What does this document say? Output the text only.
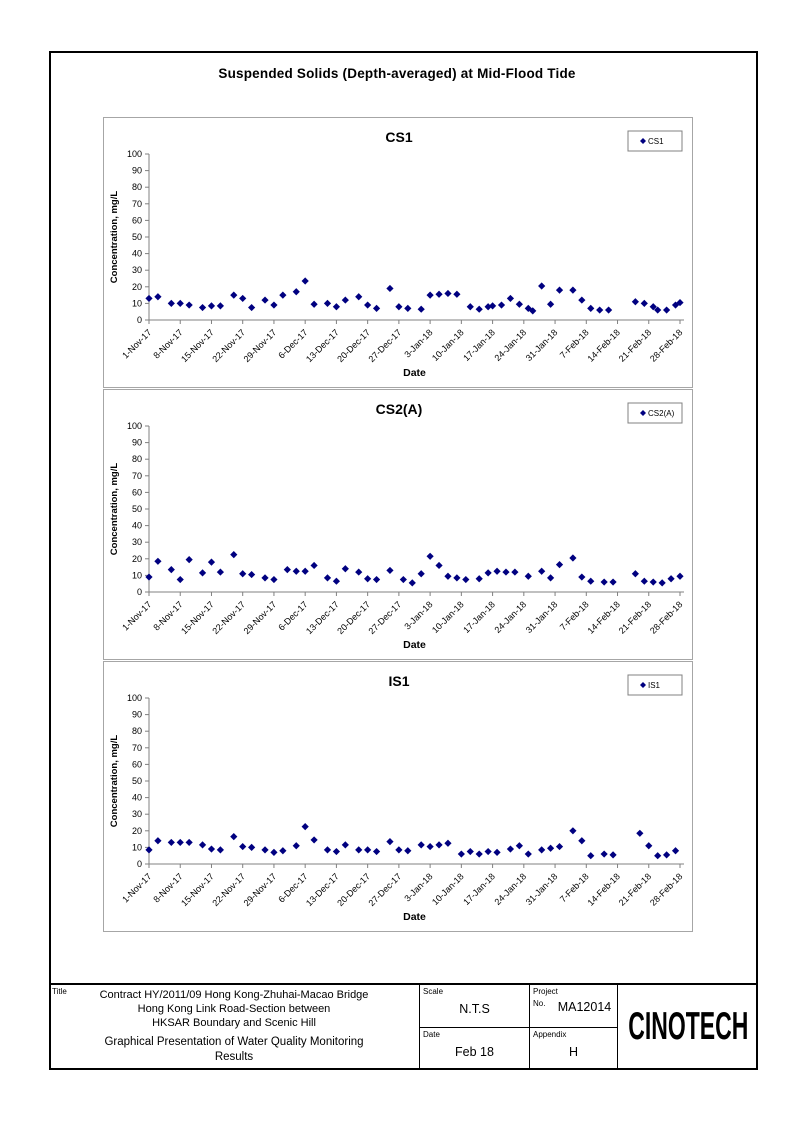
Suspended Solids (Depth-averaged) at Mid-Flood Tide
CS1
0
10
20
30
40
50
60
70
80
90
100
1-Nov-17
8-Nov-17
15-Nov-17
22-Nov-17
29-Nov-17
6-Dec-17
13-Dec-17
20-Dec-17
27-Dec-17 3-Jan-18
10-Jan-18
17-Jan-18
24-Jan-18
31-Jan-18
7-Feb-18
14-Feb-18
21-Feb-18
28-Feb-18
Date
Concentration, mg/L
CS1
CS2(A)
0
10
20
30
40
50
60
70
80
90
100
1-Nov-17
8-Nov-17
15-Nov-17
22-Nov-17
29-Nov-17
6-Dec-17
13-Dec-17
20-Dec-17
27-Dec-17 3-Jan-18
10-Jan-18
17-Jan-18
24-Jan-18
31-Jan-18
7-Feb-18
14-Feb-18
21-Feb-18
28-Feb-18
Date
Concentration, mg/L
CS2(A)
IS1
0
10
20
30
40
50
60
70
80
90
100
1-Nov-17
8-Nov-17
15-Nov-17
22-Nov-17
29-Nov-17
6-Dec-17
13-Dec-17
20-Dec-17
27-Dec-17 3-Jan-18
10-Jan-18
17-Jan-18
24-Jan-18
31-Jan-18
7-Feb-18
14-Feb-18
21-Feb-18
28-Feb-18
Date
Concentration, mg/L
IS1
Title	Contract HY/2011/09 Hong Kong-Zhuhai-Macao Bridge
Hong Kong Link Road-Section between
HKSAR Boundary and Scenic Hill
Graphical Presentation of Water Quality Monitoring
Results
Scale
N.T.S
Date
Feb 18
Project
No. MA12014
Appendix
H
CINOTECH
